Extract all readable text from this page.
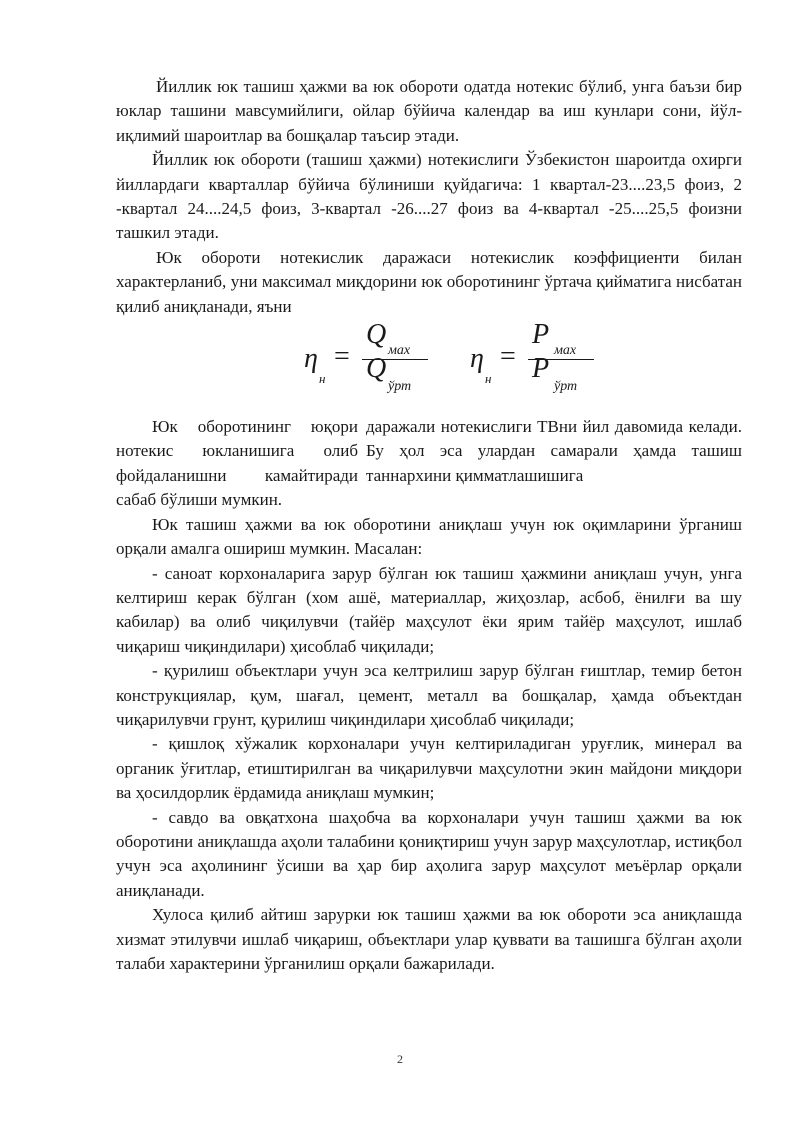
Йиллик юк ташиш ҳажми ва юк обороти одатда нотекис бўлиб, унга баъзи бир юклар ташини мавсумийлиги, ойлар бўйича календар ва иш кунлари сони, йўл-иқлимий шароитлар ва бошқалар таъсир этади.

Йиллик юк обороти (ташиш ҳажми) нотекислиги Ўзбекистон шароитда охирги йиллардаги кварталлар бўйича бўлиниши қуйдагича: 1 квартал-23....23,5 фоиз, 2 -квартал 24....24,5 фоиз, 3-квартал -26....27 фоиз ва 4-квартал -25....25,5 фоизни ташкил этади.

Юк обороти нотекислик даражаси нотекислик коэффициенти билан характерланиб, уни максимал миқдорини юк оборотининг ўртача қийматига нисбатан қилиб аниқланади, яъни

η
н
=
Q
мах
Q
ўрт
η
н
=
P
мах
P
ўрт
Юк оборотининг юқори нотекис юкланишига олиб фойдаланишни камайтиради сабаб бўлиши мумкин.
даражали нотекислиги ТВни йил давомида келади. Бу ҳол эса улардан самарали ҳамда ташиш таннархини қимматлашишига

Юк ташиш ҳажми ва юк оборотини аниқлаш учун юк оқимларини ўрганиш орқали амалга ошириш мумкин. Масалан:

- саноат корхоналарига зарур бўлган юк ташиш ҳажмини аниқлаш учун, унга келтириш керак бўлган (хом ашё, материаллар, жиҳозлар, асбоб, ёнилғи ва шу кабилар) ва олиб чиқилувчи (тайёр маҳсулот ёки ярим тайёр маҳсулот, ишлаб чиқариш чиқиндилари) ҳисоблаб чиқилади;

- қурилиш объектлари учун эса келтрилиш зарур бўлган ғиштлар, темир бетон конструкциялар, қум, шағал, цемент, металл ва бошқалар, ҳамда объектдан чиқарилувчи грунт, қурилиш чиқиндилари ҳисоблаб чиқилади;

- қишлоқ хўжалик корхоналари учун келтириладиган уруғлик, минерал ва органик ўғитлар, етиштирилган ва чиқарилувчи маҳсулотни экин майдони миқдори ва ҳосилдорлик ёрдамида аниқлаш мумкин;

- савдо ва овқатхона шаҳобча ва корхоналари учун ташиш ҳажми ва юк оборотини аниқлашда аҳоли талабини қониқтириш учун зарур маҳсулотлар, истиқбол учун эса аҳолининг ўсиши ва ҳар бир аҳолига зарур маҳсулот меъёрлар орқали аниқланади.

Хулоса қилиб айтиш зарурки юк ташиш ҳажми ва юк обороти эса аниқлашда хизмат этилувчи ишлаб чиқариш, объектлари улар қуввати ва ташишга бўлган аҳоли талаби характерини ўрганилиш орқали бажарилади.

2
